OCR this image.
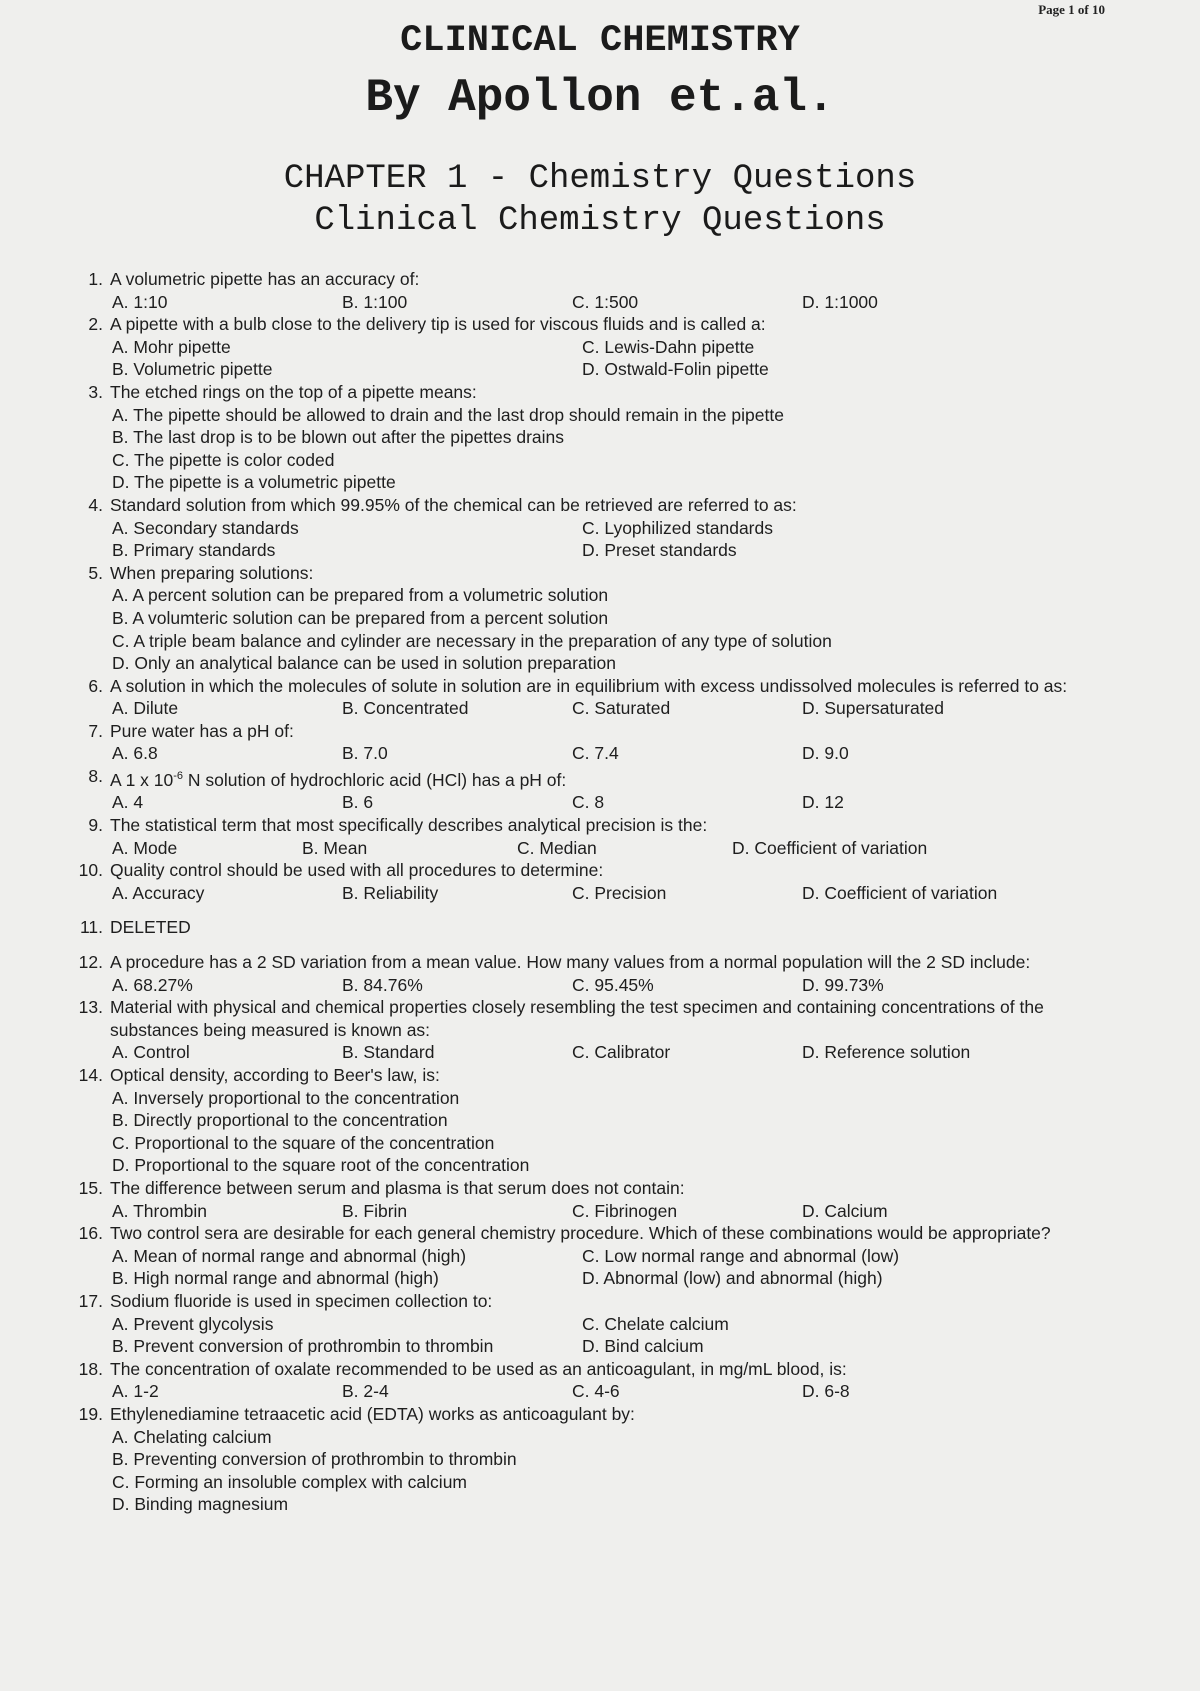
Page 1 of 10
CLINICAL CHEMISTRY
By Apollon et.al.
CHAPTER 1 - Chemistry Questions
Clinical Chemistry Questions
1. A volumetric pipette has an accuracy of:
A. 1:10	B. 1:100	C. 1:500	D. 1:1000
2. A pipette with a bulb close to the delivery tip is used for viscous fluids and is called a:
A. Mohr pipette	C. Lewis-Dahn pipette
B. Volumetric pipette	D. Ostwald-Folin pipette
3. The etched rings on the top of a pipette means:
A. The pipette should be allowed to drain and the last drop should remain in the pipette
B. The last drop is to be blown out after the pipettes drains
C. The pipette is color coded
D. The pipette is a volumetric pipette
4. Standard solution from which 99.95% of the chemical can be retrieved are referred to as:
A. Secondary standards	C. Lyophilized standards
B. Primary standards	D. Preset standards
5. When preparing solutions:
A. A percent solution can be prepared from a volumetric solution
B. A volumteric solution can be prepared from a percent solution
C. A triple beam balance and cylinder are necessary in the preparation of any type of solution
D. Only an analytical balance can be used in solution preparation
6. A solution in which the molecules of solute in solution are in equilibrium with excess undissolved molecules is referred to as:
A. Dilute	B. Concentrated	C. Saturated	D. Supersaturated
7. Pure water has a pH of:
A. 6.8	B. 7.0	C. 7.4	D. 9.0
8. A 1 x $10^{-6}$ N solution of hydrochloric acid (HCl) has a pH of:
A. 4	B. 6	C. 8	D. 12
9. The statistical term that most specifically describes analytical precision is the:
A. Mode	B. Mean	C. Median	D. Coefficient of variation
10. Quality control should be used with all procedures to determine:
A. Accuracy	B. Reliability	C. Precision	D. Coefficient of variation
11. DELETED
12. A procedure has a 2 SD variation from a mean value. How many values from a normal population will the 2 SD include:
A. 68.27%	B. 84.76%	C. 95.45%	D. 99.73%
13. Material with physical and chemical properties closely resembling the test specimen and containing concentrations of the substances being measured is known as:
A. Control	B. Standard	C. Calibrator	D. Reference solution
14. Optical density, according to Beer's law, is:
A. Inversely proportional to the concentration
B. Directly proportional to the concentration
C. Proportional to the square of the concentration
D. Proportional to the square root of the concentration
15. The difference between serum and plasma is that serum does not contain:
A. Thrombin	B. Fibrin	C. Fibrinogen	D. Calcium
16. Two control sera are desirable for each general chemistry procedure. Which of these combinations would be appropriate?
A. Mean of normal range and abnormal (high)	C. Low normal range and abnormal (low)
B. High normal range and abnormal (high)	D. Abnormal (low) and abnormal (high)
17. Sodium fluoride is used in specimen collection to:
A. Prevent glycolysis	C. Chelate calcium
B. Prevent conversion of prothrombin to thrombin	D. Bind calcium
18. The concentration of oxalate recommended to be used as an anticoagulant, in mg/mL blood, is:
A. 1-2	B. 2-4	C. 4-6	D. 6-8
19. Ethylenediamine tetraacetic acid (EDTA) works as anticoagulant by:
A. Chelating calcium
B. Preventing conversion of prothrombin to thrombin
C. Forming an insoluble complex with calcium
D. Binding magnesium
